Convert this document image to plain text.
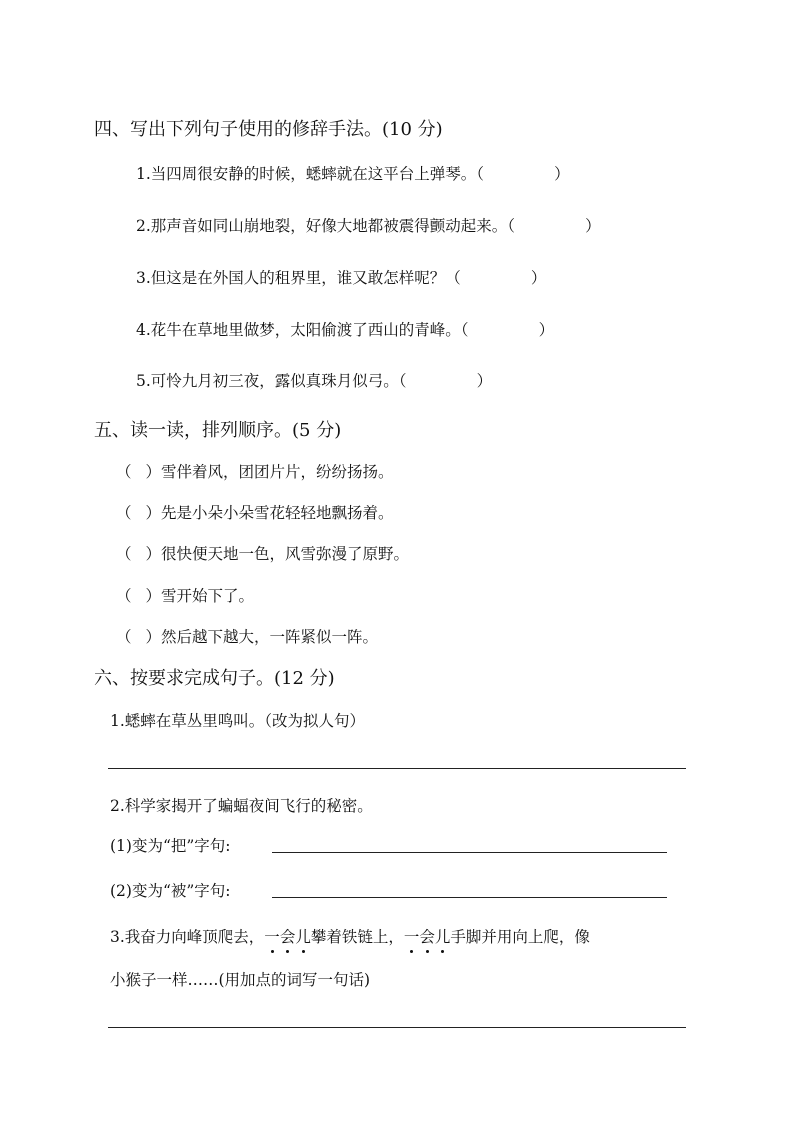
四、写出下列句子使用的修辞手法。(10 分)
1.当四周很安静的时候，蟋蟀就在这平台上弹琴。（	）
2.那声音如同山崩地裂，好像大地都被震得颤动起来。（	）
3.但这是在外国人的租界里，谁又敢怎样呢？（	）
4.花牛在草地里做梦，太阳偷渡了西山的青峰。（	）
5.可怜九月初三夜，露似真珠月似弓。（	）
五、读一读，排列顺序。(5 分)
（ ）雪伴着风，团团片片，纷纷扬扬。
（ ）先是小朵小朵雪花轻轻地飘扬着。
（ ）很快便天地一色，风雪弥漫了原野。
（ ）雪开始下了。
（ ）然后越下越大，一阵紧似一阵。
六、按要求完成句子。(12 分)
1.蟋蟀在草丛里鸣叫。（改为拟人句）
2.科学家揭开了蝙蝠夜间飞行的秘密。
(1)变为“把”字句:
(2)变为“被”字句:
3.我奋力向峰顶爬去，一会儿攀着铁链上，一会儿手脚并用向上爬，像
小猴子一样……(用加点的词写一句话)
